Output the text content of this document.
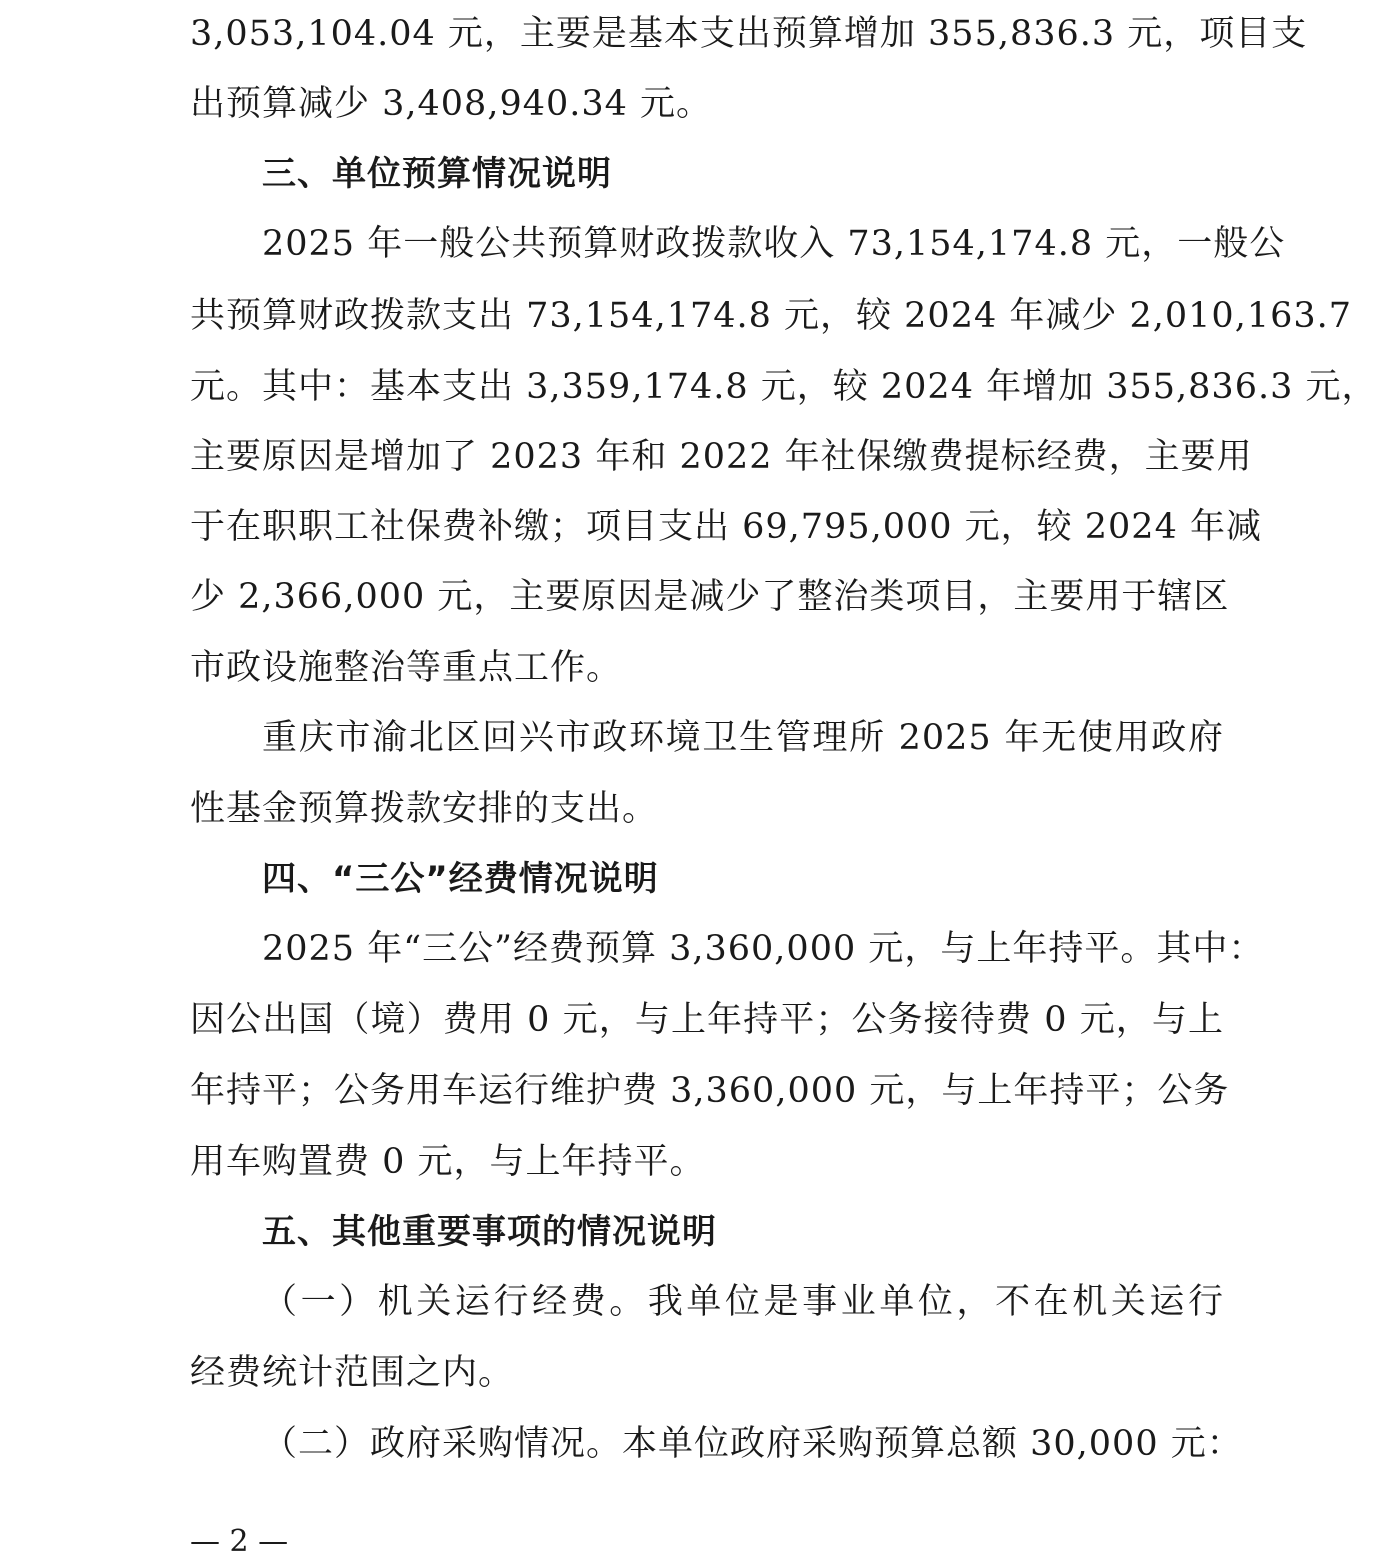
3,053,104.04 元，主要是基本支出预算增加 355,836.3 元，项目支
出预算减少 3,408,940.34 元。
三、单位预算情况说明
2025 年一般公共预算财政拨款收入 73,154,174.8 元，一般公
共预算财政拨款支出 73,154,174.8 元，较 2024 年减少 2,010,163.7
元。其中：基本支出 3,359,174.8 元，较 2024 年增加 355,836.3 元，
主要原因是增加了 2023 年和 2022 年社保缴费提标经费，主要用
于在职职工社保费补缴；项目支出 69,795,000 元，较 2024 年减
少 2,366,000 元，主要原因是减少了整治类项目，主要用于辖区
市政设施整治等重点工作。
重庆市渝北区回兴市政环境卫生管理所 2025 年无使用政府
性基金预算拨款安排的支出。
四、“三公”经费情况说明
2025 年“三公”经费预算 3,360,000 元，与上年持平。其中：
因公出国（境）费用 0 元，与上年持平；公务接待费 0 元，与上
年持平；公务用车运行维护费 3,360,000 元，与上年持平；公务
用车购置费 0 元，与上年持平。
五、其他重要事项的情况说明
（一）机关运行经费。我单位是事业单位，不在机关运行
经费统计范围之内。
（二）政府采购情况。本单位政府采购预算总额 30,000 元：
— 2 —
